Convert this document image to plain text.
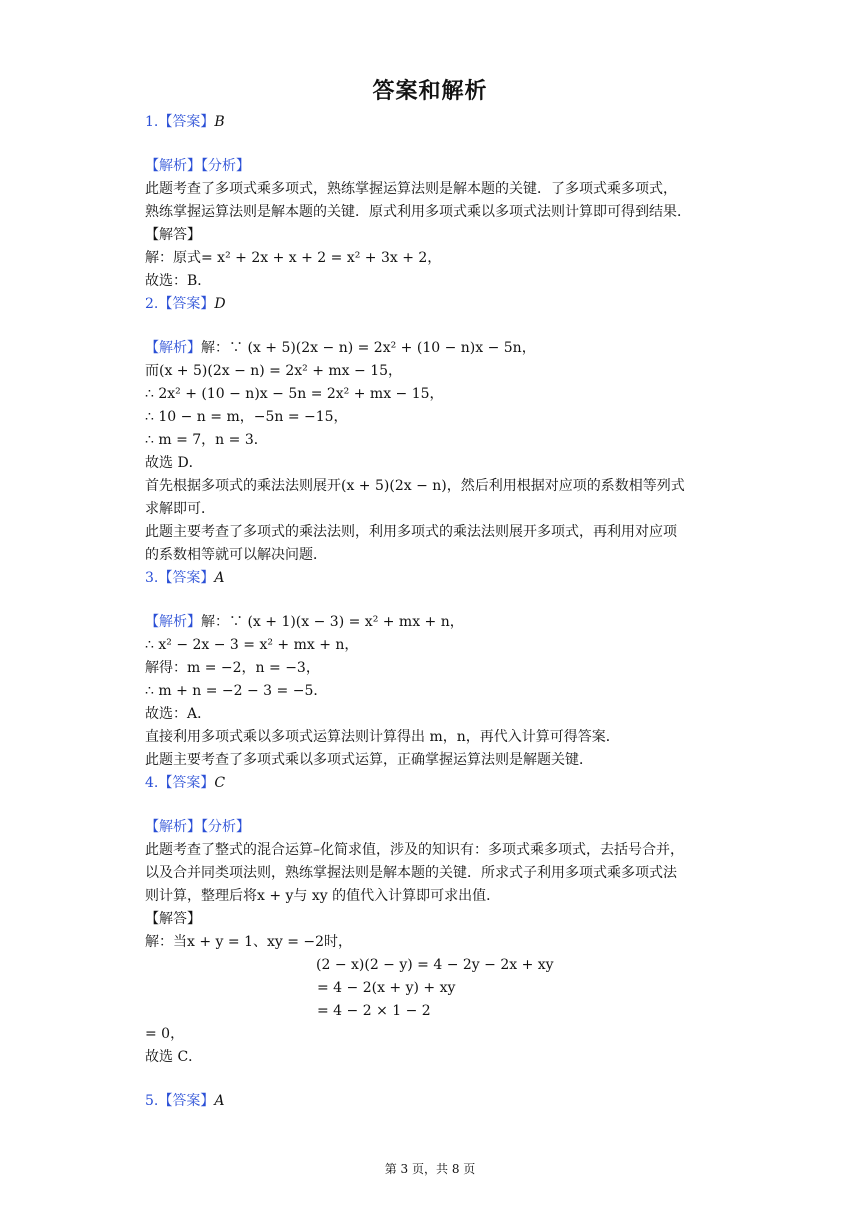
答案和解析
1.【答案】B
【解析】【分析】
此题考查了多项式乘多项式，熟练掌握运算法则是解本题的关键．了多项式乘多项式，
熟练掌握运算法则是解本题的关键．原式利用多项式乘以多项式法则计算即可得到结果．
【解答】
解：原式= x² + 2x + x + 2 = x² + 3x + 2，
故选：B．
2.【答案】D
【解析】解：∵ (x + 5)(2x − n) = 2x² + (10 − n)x − 5n，
而(x + 5)(2x − n) = 2x² + mx − 15，
∴ 2x² + (10 − n)x − 5n = 2x² + mx − 15，
∴ 10 − n = m，−5n = −15，
∴ m = 7，n = 3．
故选 D．
首先根据多项式的乘法法则展开(x + 5)(2x − n)，然后利用根据对应项的系数相等列式
求解即可．
此题主要考查了多项式的乘法法则，利用多项式的乘法法则展开多项式，再利用对应项
的系数相等就可以解决问题．
3.【答案】A
【解析】解：∵ (x + 1)(x − 3) = x² + mx + n，
∴ x² − 2x − 3 = x² + mx + n，
解得：m = −2，n = −3，
∴ m + n = −2 − 3 = −5．
故选：A．
直接利用多项式乘以多项式运算法则计算得出 m，n，再代入计算可得答案．
此题主要考查了多项式乘以多项式运算，正确掌握运算法则是解题关键．
4.【答案】C
【解析】【分析】
此题考查了整式的混合运算–化简求值，涉及的知识有：多项式乘多项式，去括号合并，
以及合并同类项法则，熟练掌握法则是解本题的关键．所求式子利用多项式乘多项式法
则计算，整理后将x + y与 xy 的值代入计算即可求出值．
【解答】
解：当x + y = 1、xy = −2时，
(2 − x)(2 − y) = 4 − 2y − 2x + xy
= 4 − 2(x + y) + xy
= 4 − 2 × 1 − 2
= 0，
故选 C．
5.【答案】A
第 3 页，共 8 页
